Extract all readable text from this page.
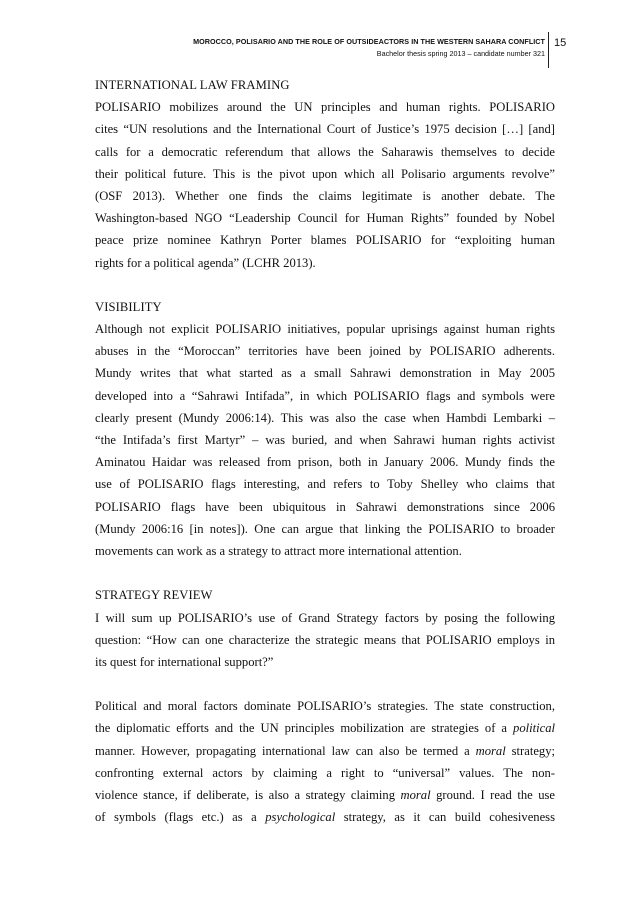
MOROCCO, POLISARIO AND THE ROLE OF OUTSIDEACTORS IN THE WESTERN SAHARA CONFLICT
Bachelor thesis spring 2013 – candidate number 321
15
INTERNATIONAL LAW FRAMING
POLISARIO mobilizes around the UN principles and human rights. POLISARIO
cites “UN resolutions and the International Court of Justice’s 1975 decision […] [and]
calls for a democratic referendum that allows the Saharawis themselves to decide
their political future. This is the pivot upon which all Polisario arguments revolve”
(OSF 2013). Whether one finds the claims legitimate is another debate. The
Washington-based NGO “Leadership Council for Human Rights” founded by Nobel
peace prize nominee Kathryn Porter blames POLISARIO for “exploiting human
rights for a political agenda” (LCHR 2013).
VISIBILITY
Although not explicit POLISARIO initiatives, popular uprisings against human rights
abuses in the “Moroccan” territories have been joined by POLISARIO adherents.
Mundy writes that what started as a small Sahrawi demonstration in May 2005
developed into a “Sahrawi Intifada”, in which POLISARIO flags and symbols were
clearly present (Mundy 2006:14). This was also the case when Hambdi Lembarki –
“the Intifada’s first Martyr” – was buried, and when Sahrawi human rights activist
Aminatou Haidar was released from prison, both in January 2006. Mundy finds the
use of POLISARIO flags interesting, and refers to Toby Shelley who claims that
POLISARIO flags have been ubiquitous in Sahrawi demonstrations since 2006
(Mundy 2006:16 [in notes]). One can argue that linking the POLISARIO to broader
movements can work as a strategy to attract more international attention.
STRATEGY REVIEW
I will sum up POLISARIO’s use of Grand Strategy factors by posing the following
question: “How can one characterize the strategic means that POLISARIO employs in
its quest for international support?”
Political and moral factors dominate POLISARIO’s strategies. The state construction,
the diplomatic efforts and the UN principles mobilization are strategies of a political
manner. However, propagating international law can also be termed a moral strategy;
confronting external actors by claiming a right to “universal” values. The non-
violence stance, if deliberate, is also a strategy claiming moral ground. I read the use
of symbols (flags etc.) as a psychological strategy, as it can build cohesiveness
